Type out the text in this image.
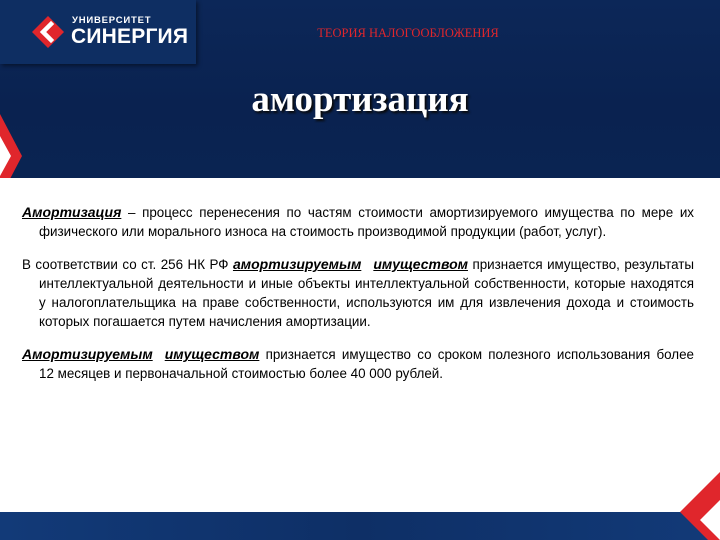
УНИВЕРСИТЕТ
СИНЕРГИЯ	ТЕОРИЯ НАЛОГООБЛОЖЕНИЯ
амортизация

Амортизация – процесс перенесения по частям стоимости амортизируемого имущества по мере их физического или морального износа на стоимость производимой продукции (работ, услуг).

В соответствии со ст. 256 НК РФ амортизируемым имуществом признается имущество, результаты интеллектуальной деятельности и иные объекты интеллектуальной собственности, которые находятся у налогоплательщика на праве собственности, используются им для извлечения дохода и стоимость которых погашается путем начисления амортизации.

Амортизируемым имуществом признается имущество со сроком полезного использования более 12 месяцев и первоначальной стоимостью более 40 000 рублей.
